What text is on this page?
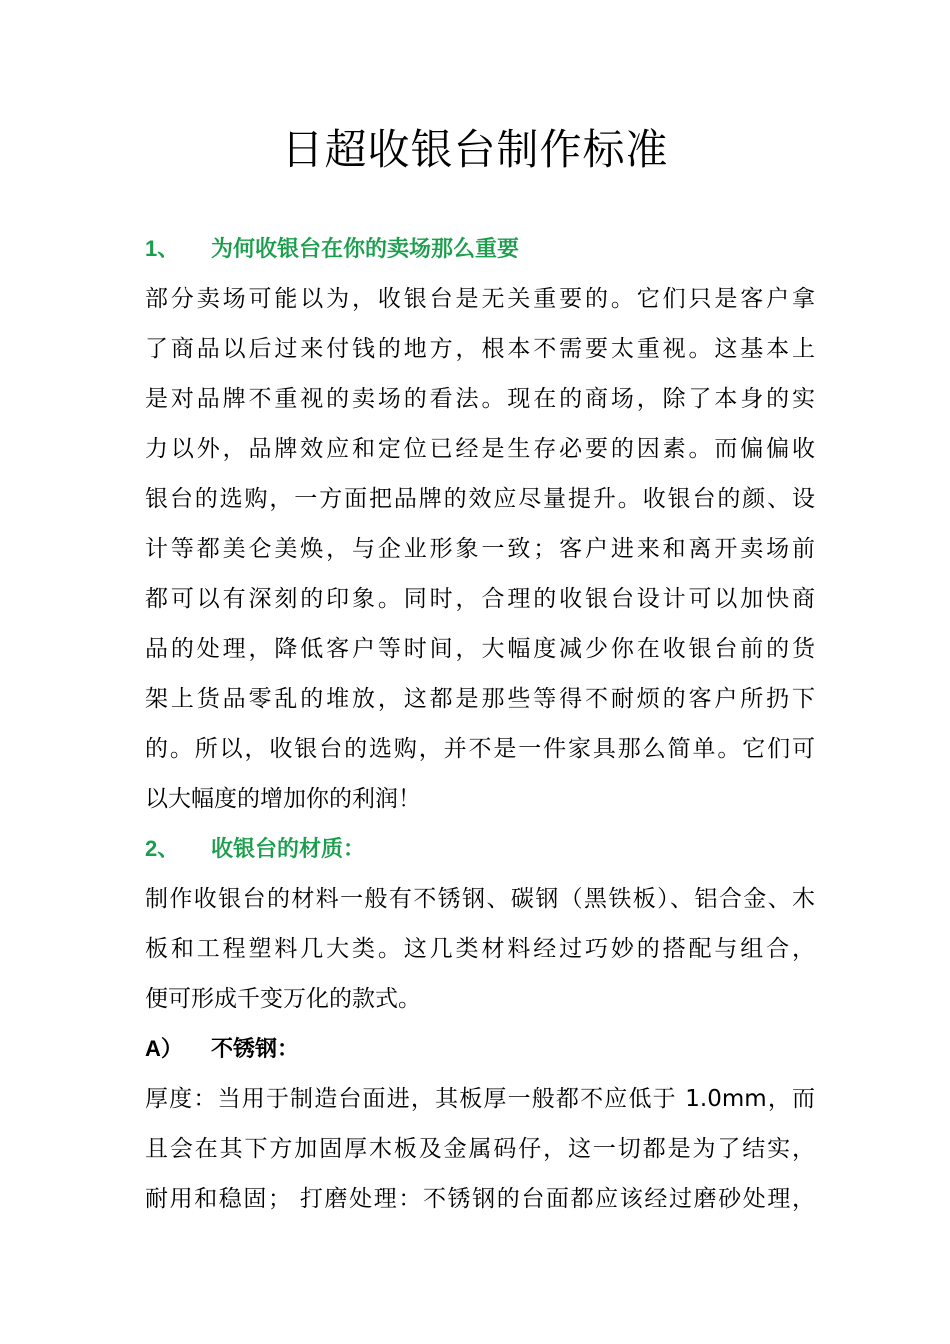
日超收银台制作标准
1、 为何收银台在你的卖场那么重要
部分卖场可能以为，收银台是无关重要的。它们只是客户拿
了商品以后过来付钱的地方，根本不需要太重视。这基本上
是对品牌不重视的卖场的看法。现在的商场，除了本身的实
力以外，品牌效应和定位已经是生存必要的因素。而偏偏收
银台的选购，一方面把品牌的效应尽量提升。收银台的颜、设
计等都美仑美焕，与企业形象一致；客户进来和离开卖场前
都可以有深刻的印象。同时，合理的收银台设计可以加快商
品的处理，降低客户等时间，大幅度减少你在收银台前的货
架上货品零乱的堆放，这都是那些等得不耐烦的客户所扔下
的。所以，收银台的选购，并不是一件家具那么简单。它们可
以大幅度的增加你的利润！
2、 收银台的材质：
制作收银台的材料一般有不锈钢、碳钢（黑铁板）、铝合金、木
板和工程塑料几大类。这几类材料经过巧妙的搭配与组合，
便可形成千变万化的款式。
A） 不锈钢：
厚度：当用于制造台面进，其板厚一般都不应低于 1.0mm，而
且会在其下方加固厚木板及金属码仔，这一切都是为了结实，
耐用和稳固； 打磨处理：不锈钢的台面都应该经过磨砂处理，
